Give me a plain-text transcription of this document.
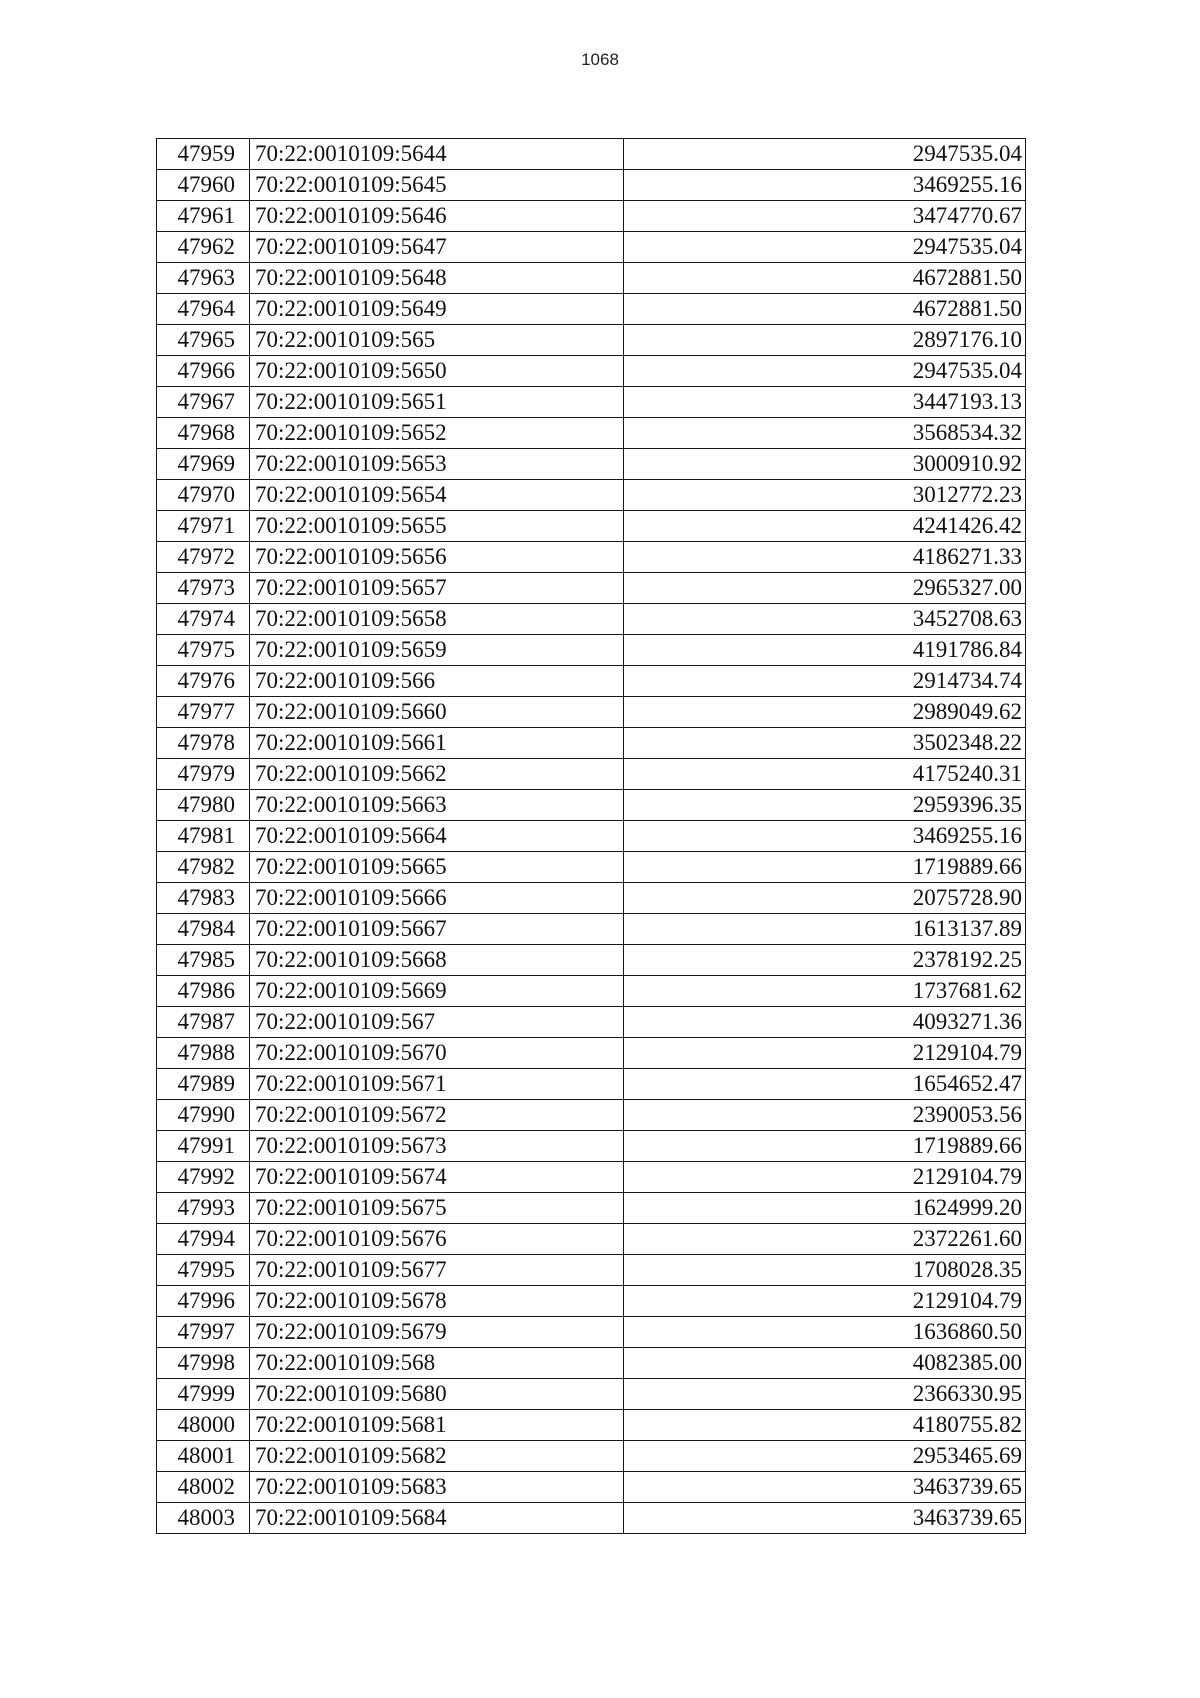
1068
47959	70:22:0010109:5644	2947535.04
47960	70:22:0010109:5645	3469255.16
47961	70:22:0010109:5646	3474770.67
47962	70:22:0010109:5647	2947535.04
47963	70:22:0010109:5648	4672881.50
47964	70:22:0010109:5649	4672881.50
47965	70:22:0010109:565	2897176.10
47966	70:22:0010109:5650	2947535.04
47967	70:22:0010109:5651	3447193.13
47968	70:22:0010109:5652	3568534.32
47969	70:22:0010109:5653	3000910.92
47970	70:22:0010109:5654	3012772.23
47971	70:22:0010109:5655	4241426.42
47972	70:22:0010109:5656	4186271.33
47973	70:22:0010109:5657	2965327.00
47974	70:22:0010109:5658	3452708.63
47975	70:22:0010109:5659	4191786.84
47976	70:22:0010109:566	2914734.74
47977	70:22:0010109:5660	2989049.62
47978	70:22:0010109:5661	3502348.22
47979	70:22:0010109:5662	4175240.31
47980	70:22:0010109:5663	2959396.35
47981	70:22:0010109:5664	3469255.16
47982	70:22:0010109:5665	1719889.66
47983	70:22:0010109:5666	2075728.90
47984	70:22:0010109:5667	1613137.89
47985	70:22:0010109:5668	2378192.25
47986	70:22:0010109:5669	1737681.62
47987	70:22:0010109:567	4093271.36
47988	70:22:0010109:5670	2129104.79
47989	70:22:0010109:5671	1654652.47
47990	70:22:0010109:5672	2390053.56
47991	70:22:0010109:5673	1719889.66
47992	70:22:0010109:5674	2129104.79
47993	70:22:0010109:5675	1624999.20
47994	70:22:0010109:5676	2372261.60
47995	70:22:0010109:5677	1708028.35
47996	70:22:0010109:5678	2129104.79
47997	70:22:0010109:5679	1636860.50
47998	70:22:0010109:568	4082385.00
47999	70:22:0010109:5680	2366330.95
48000	70:22:0010109:5681	4180755.82
48001	70:22:0010109:5682	2953465.69
48002	70:22:0010109:5683	3463739.65
48003	70:22:0010109:5684	3463739.65
